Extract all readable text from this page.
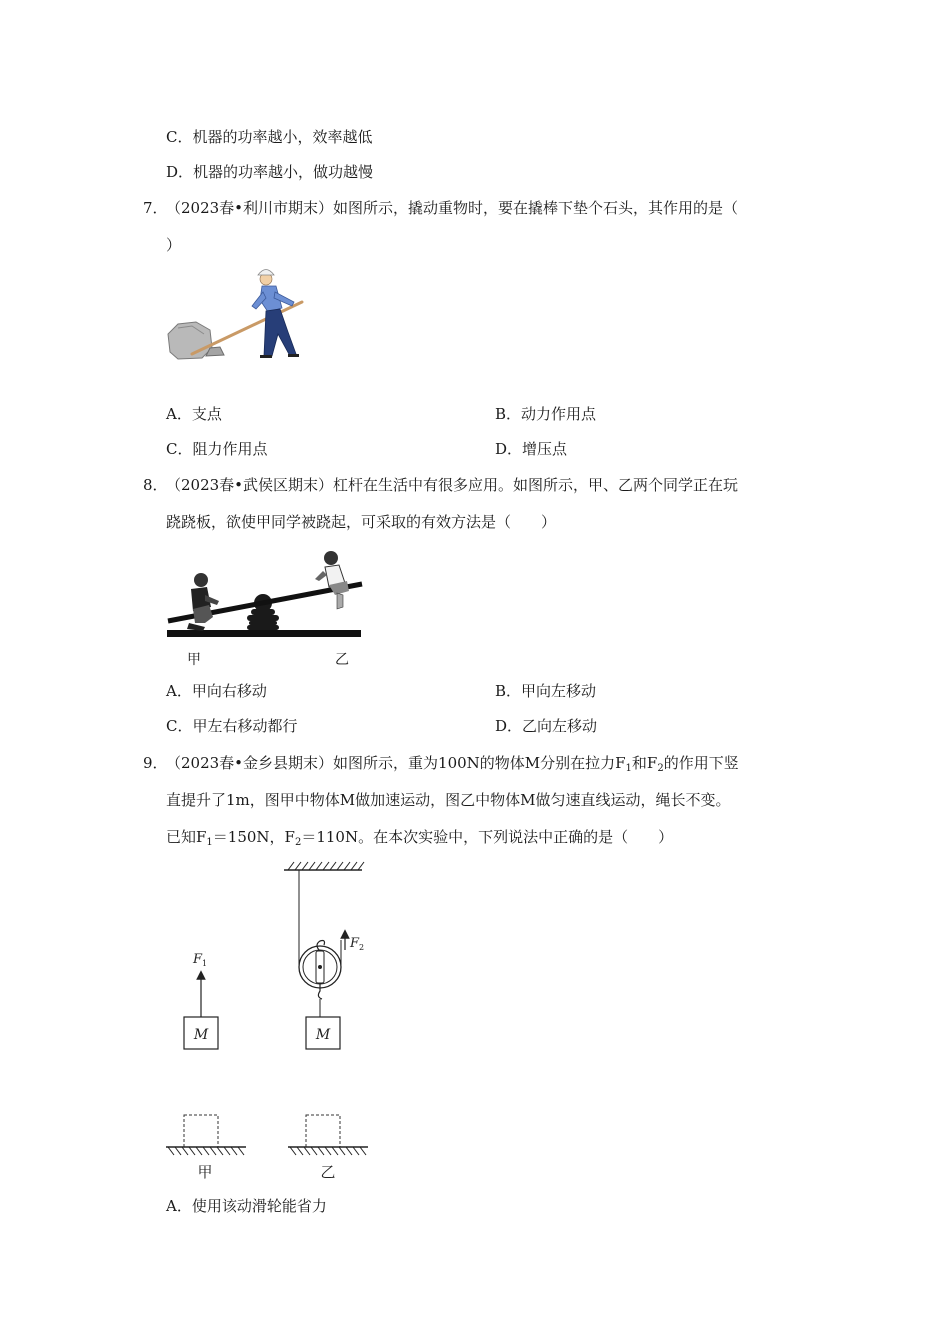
C．机器的功率越小，效率越低
D．机器的功率越小，做功越慢
7．
（2023春•利川市期末）如图所示，撬动重物时，要在撬棒下垫个石头，其作用的是（
）
A．支点	B．动力作用点
C．阻力作用点	D．增压点
8．
（2023春•武侯区期末）杠杆在生活中有很多应用。如图所示，甲、乙两个同学正在玩
跷跷板，欲使甲同学被跷起，可采取的有效方法是（　　）
甲	乙
A．甲向右移动	B．甲向左移动
C．甲左右移动都行	D．乙向左移动
9．
（2023春•金乡县期末）如图所示，重为100N的物体M分别在拉力$F_1$和$F_2$的作用下竖
直提升了1m，图甲中物体M做加速运动，图乙中物体M做匀速直线运动，绳长不变。
已知$F_1=150N$，$F_2=110N$。在本次实验中，下列说法中正确的是（　　）
$F_2$
$F_1$
M	M
甲	乙
A．使用该动滑轮能省力
